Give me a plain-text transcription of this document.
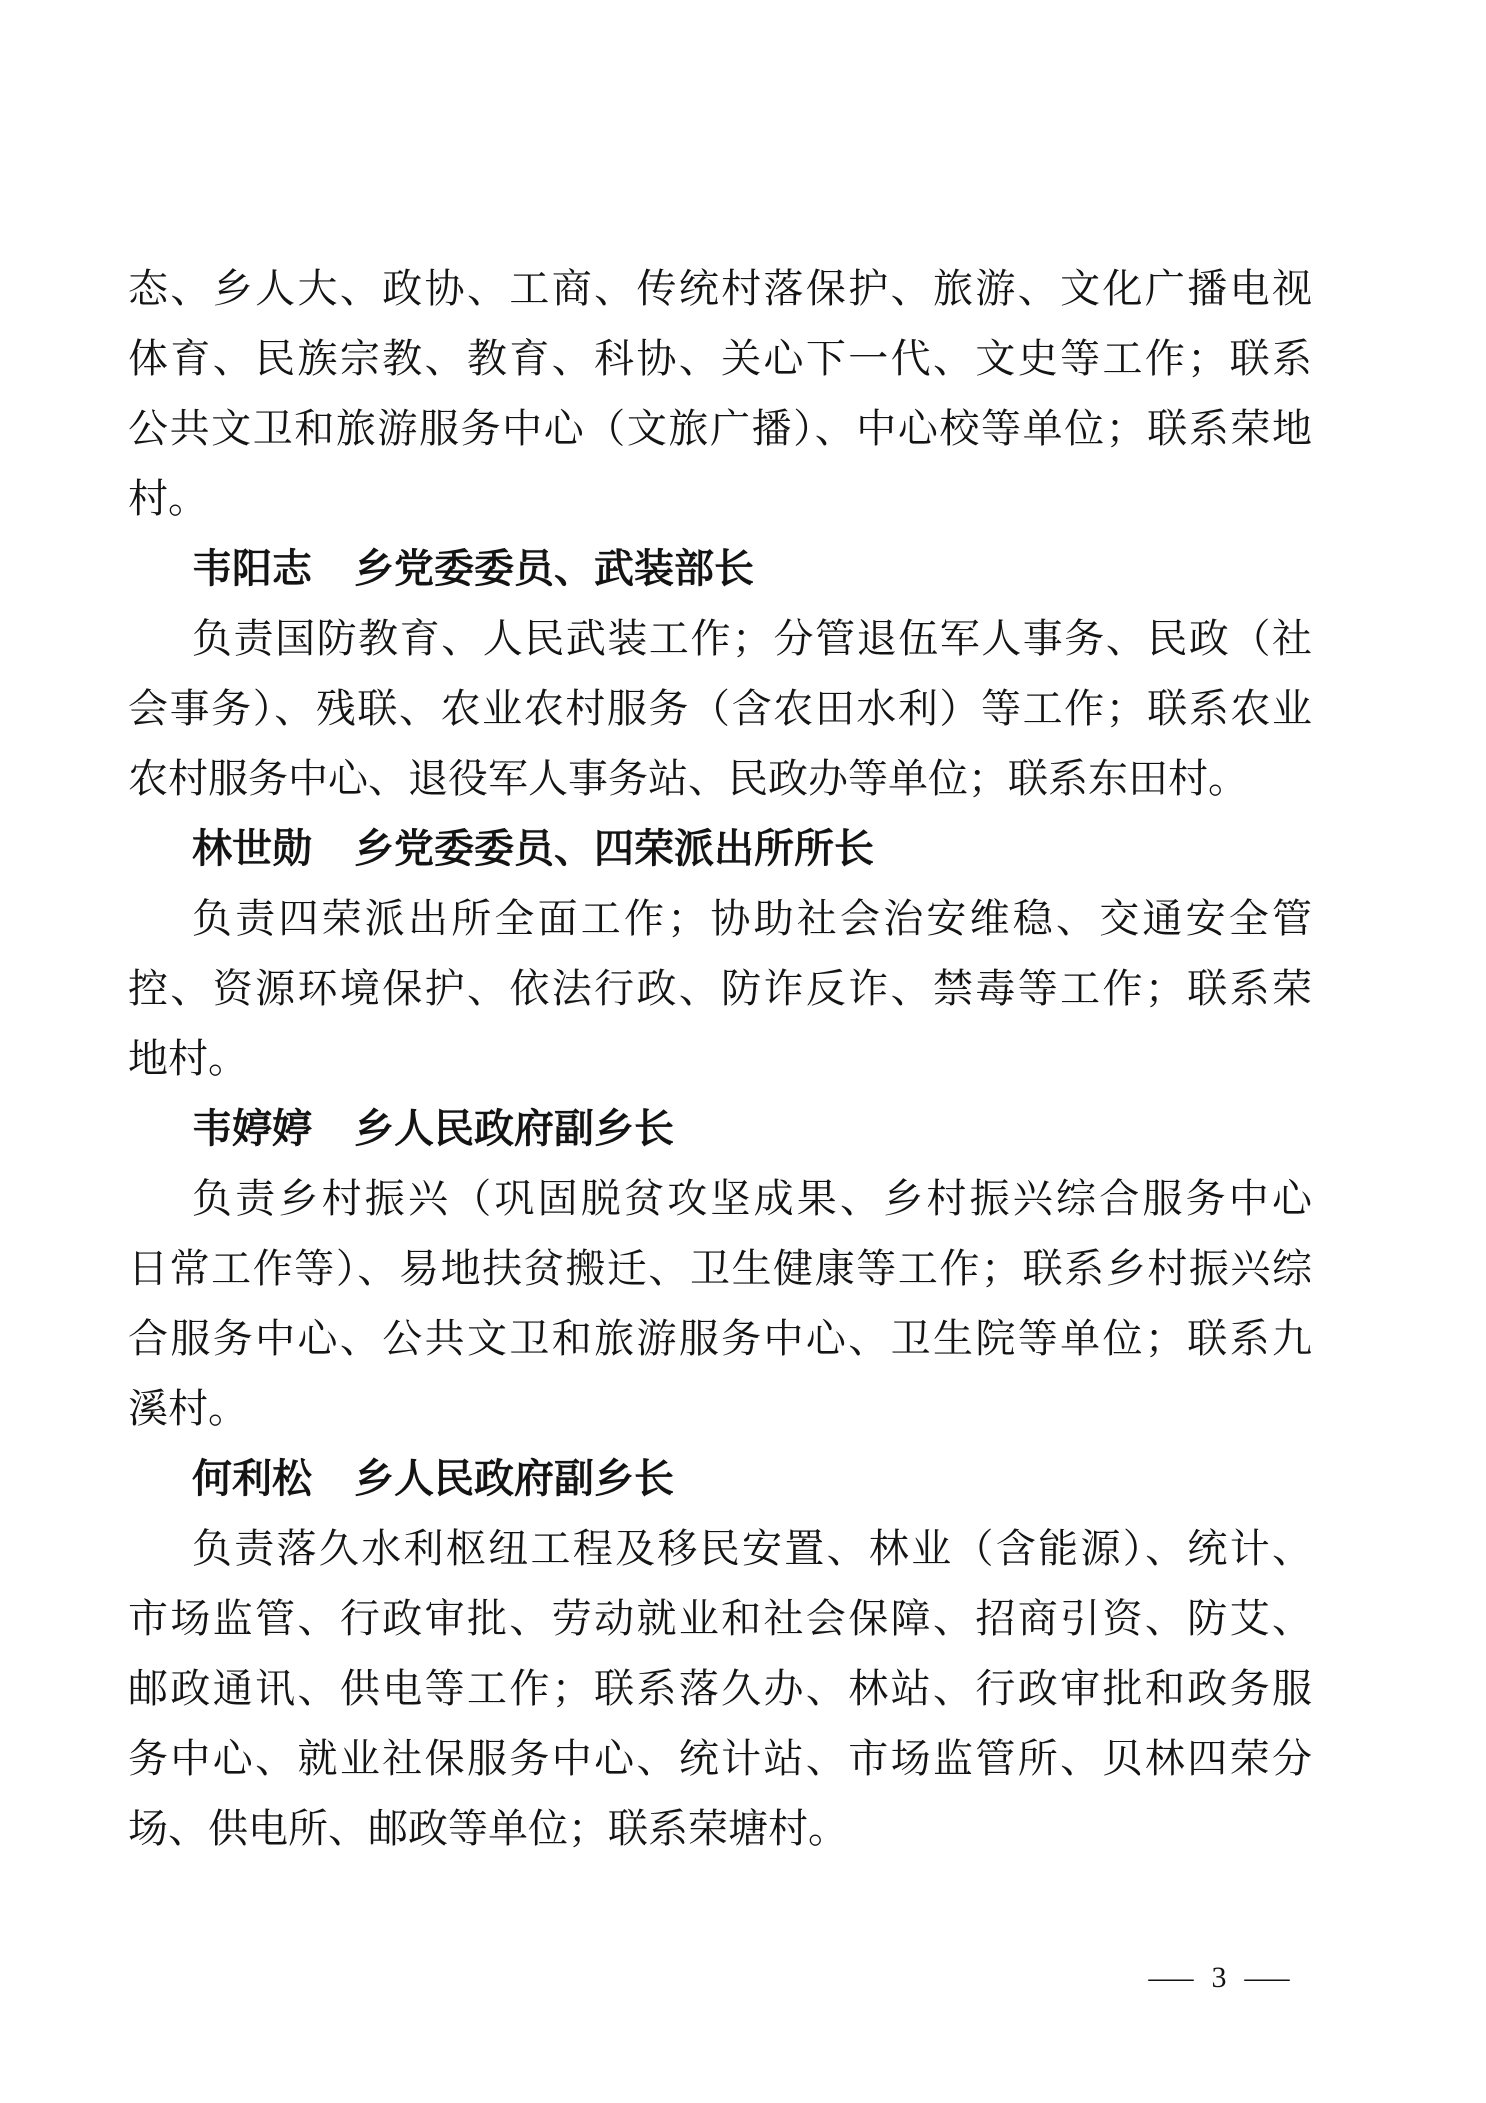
态、乡人大、政协、工商、传统村落保护、旅游、文化广播电视
体育、民族宗教、教育、科协、关心下一代、文史等工作；联系
公共文卫和旅游服务中心（文旅广播）、中心校等单位；联系荣地
村。
韦阳志 乡党委委员、武装部长
负责国防教育、人民武装工作；分管退伍军人事务、民政（社
会事务）、残联、农业农村服务（含农田水利）等工作；联系农业
农村服务中心、退役军人事务站、民政办等单位；联系东田村。
林世勋 乡党委委员、四荣派出所所长
负责四荣派出所全面工作；协助社会治安维稳、交通安全管
控、资源环境保护、依法行政、防诈反诈、禁毒等工作；联系荣
地村。
韦婷婷 乡人民政府副乡长
负责乡村振兴（巩固脱贫攻坚成果、乡村振兴综合服务中心
日常工作等）、易地扶贫搬迁、卫生健康等工作；联系乡村振兴综
合服务中心、公共文卫和旅游服务中心、卫生院等单位；联系九
溪村。
何利松 乡人民政府副乡长
负责落久水利枢纽工程及移民安置、林业（含能源）、统计、
市场监管、行政审批、劳动就业和社会保障、招商引资、防艾、
邮政通讯、供电等工作；联系落久办、林站、行政审批和政务服
务中心、就业社保服务中心、统计站、市场监管所、贝林四荣分
场、供电所、邮政等单位；联系荣塘村。
— 3 —
